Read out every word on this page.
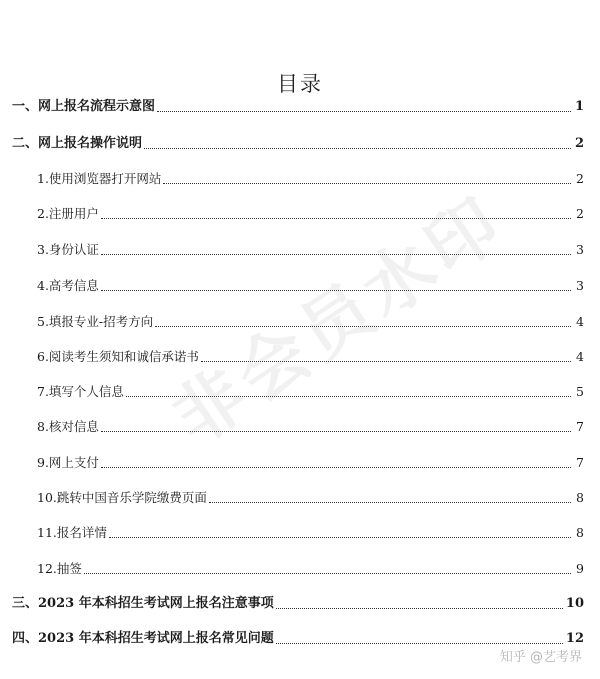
目录
一、网上报名流程示意图	1
二、网上报名操作说明	2
1.使用浏览器打开网站	2
2.注册用户	2
3.身份认证	3
4.高考信息	3
5.填报专业-招考方向	4
6.阅读考生须知和诚信承诺书	4
7.填写个人信息	5
8.核对信息	7
9.网上支付	7
10.跳转中国音乐学院缴费页面	8
11.报名详情	8
12.抽签	9
三、2023 年本科招生考试网上报名注意事项	10
四、2023 年本科招生考试网上报名常见问题	12
非会员水印
知乎 @艺考界
